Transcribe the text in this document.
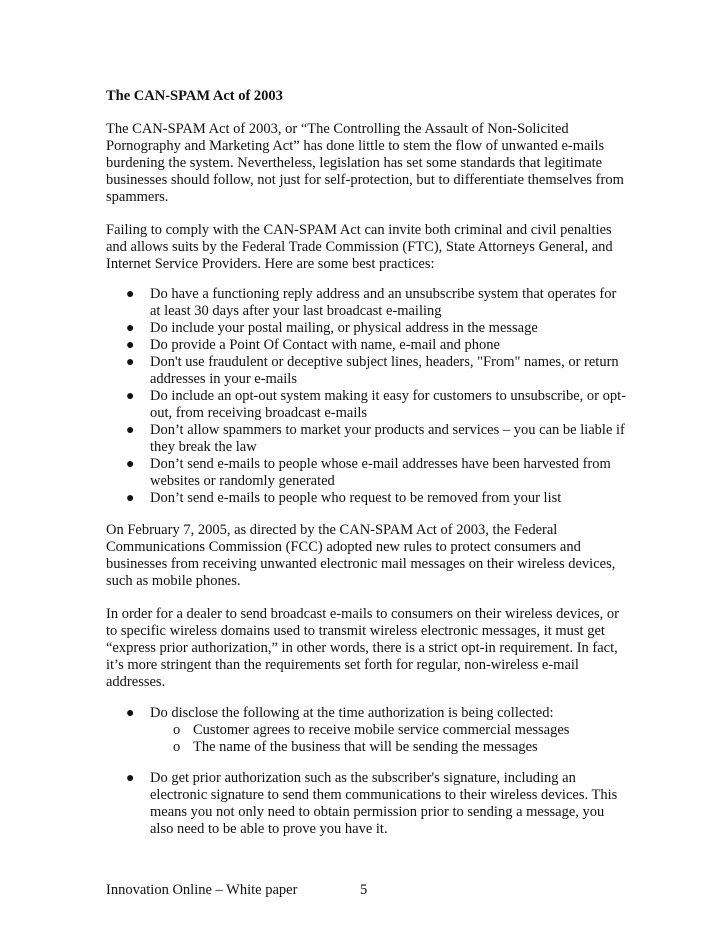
The CAN-SPAM Act of 2003
The CAN-SPAM Act of 2003, or “The Controlling the Assault of Non-Solicited
Pornography and Marketing Act” has done little to stem the flow of unwanted e-mails
burdening the system. Nevertheless, legislation has set some standards that legitimate
businesses should follow, not just for self-protection, but to differentiate themselves from
spammers.
Failing to comply with the CAN-SPAM Act can invite both criminal and civil penalties
and allows suits by the Federal Trade Commission (FTC), State Attorneys General, and
Internet Service Providers. Here are some best practices:
● Do have a functioning reply address and an unsubscribe system that operates for
at least 30 days after your last broadcast e-mailing
● Do include your postal mailing, or physical address in the message
● Do provide a Point Of Contact with name, e-mail and phone
● Don't use fraudulent or deceptive subject lines, headers, "From" names, or return
addresses in your e-mails
● Do include an opt-out system making it easy for customers to unsubscribe, or opt-
out, from receiving broadcast e-mails
● Don’t allow spammers to market your products and services – you can be liable if
they break the law
● Don’t send e-mails to people whose e-mail addresses have been harvested from
websites or randomly generated
● Don’t send e-mails to people who request to be removed from your list
On February 7, 2005, as directed by the CAN-SPAM Act of 2003, the Federal
Communications Commission (FCC) adopted new rules to protect consumers and
businesses from receiving unwanted electronic mail messages on their wireless devices,
such as mobile phones.
In order for a dealer to send broadcast e-mails to consumers on their wireless devices, or
to specific wireless domains used to transmit wireless electronic messages, it must get
“express prior authorization,” in other words, there is a strict opt-in requirement. In fact,
it’s more stringent than the requirements set forth for regular, non-wireless e-mail
addresses.
● Do disclose the following at the time authorization is being collected:
o Customer agrees to receive mobile service commercial messages
o The name of the business that will be sending the messages
● Do get prior authorization such as the subscriber's signature, including an
electronic signature to send them communications to their wireless devices. This
means you not only need to obtain permission prior to sending a message, you
also need to be able to prove you have it.
Innovation Online – White paper	5
